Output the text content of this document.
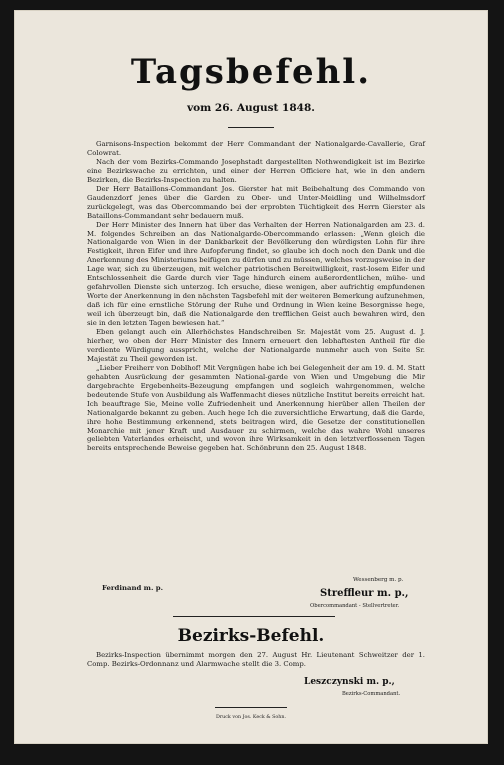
Tagsbefehl.
vom 26. August 1848.

Garnisons-Inspection bekommt der Herr Commandant der Nationalgarde-Cavallerie, Graf Colowrat.

Nach der vom Bezirks-Commando Josephstadt dargestellten Nothwendigkeit ist im Bezirke eine Bezirkswache zu errichten, und einer der Herren Officiere hat, wie in den andern Bezirken, die Bezirks-Inspection zu halten.

Der Herr Bataillons-Commandant Jos. Gierster hat mit Beibehaltung des Commando von Gaudenzdorf jenes über die Garden zu Ober- und Unter-Meidling und Wilhelmsdorf zurückgelegt, was das Obercommando bei der erprobten Tüchtigkeit des Herrn Gierster als Bataillons-Commandant sehr bedauern muß.

Der Herr Minister des Innern hat über das Verhalten der Herren Nationalgarden am 23. d. M. folgendes Schreiben an das Nationalgarde-Obercommando erlassen: „Wenn gleich die Nationalgarde von Wien in der Dankbarkeit der Bevölkerung den würdigsten Lohn für ihre Festigkeit, ihren Eifer und ihre Aufopferung findet, so glaube ich doch noch den Dank und die Anerkennung des Ministeriums beifügen zu dürfen und zu müssen, welches vorzugsweise in der Lage war, sich zu überzeugen, mit welcher patriotischen Bereitwilligkeit, rast-losem Eifer und Entschlossenheit die Garde durch vier Tage hindurch einem außerordentlichen, mühe- und gefahrvollen Dienste sich unterzog. Ich ersuche, diese wenigen, aber aufrichtig empfundenen Worte der Anerkennung in den nächsten Tagsbefehl mit der weiteren Bemerkung aufzunehmen, daß ich für eine ernstliche Störung der Ruhe und Ordnung in Wien keine Besorgnisse hege, weil ich überzeugt bin, daß die Nationalgarde den trefflichen Geist auch bewahren wird, den sie in den letzten Tagen bewiesen hat.“

Eben gelangt auch ein Allerhöchstes Handschreiben Sr. Majestät vom 25. August d. J. hierher, wo oben der Herr Minister des Innern erneuert den lebhaftesten Antheil für die verdiente Würdigung ausspricht, welche der Nationalgarde nunmehr auch von Seite Sr. Majestät zu Theil geworden ist.

„Lieber Freiherr von Doblhof! Mit Vergnügen habe ich bei Gelegenheit der am 19. d. M. Statt gehabten Ausrückung der gesammten National-garde von Wien und Umgebung die Mir dargebrachte Ergebenheits-Bezeugung empfangen und sogleich wahrgenommen, welche bedeutende Stufe von Ausbildung als Waffenmacht dieses nützliche Institut bereits erreicht hat. Ich beauftrage Sie, Meine volle Zufriedenheit und Anerkennung hierüber allen Theilen der Nationalgarde bekannt zu geben. Auch hege Ich die zuversichtliche Erwartung, daß die Garde, ihre hohe Bestimmung erkennend, stets beitragen wird, die Gesetze der constitutionellen Monarchie mit jener Kraft und Ausdauer zu schirmen, welche das wahre Wohl unseres geliebten Vaterlandes erheischt, und wovon ihre Wirksamkeit in den letztverflossenen Tagen bereits entsprechende Beweise gegeben hat. Schönbrunn den 25. August 1848.

Wessenberg m. p.
Ferdinand m. p.	Streffleur m. p.,
Obercommandant - Stellvertreter.
Bezirks-Befehl.

Bezirks-Inspection übernimmt morgen den 27. August Hr. Lieutenant Schweitzer der 1. Comp. Bezirks-Ordonnanz und Alarmwache stellt die 3. Comp.

Leszczynski m. p.,
Bezirks-Commandant.
Druck von Jos. Keck & Sohn.
